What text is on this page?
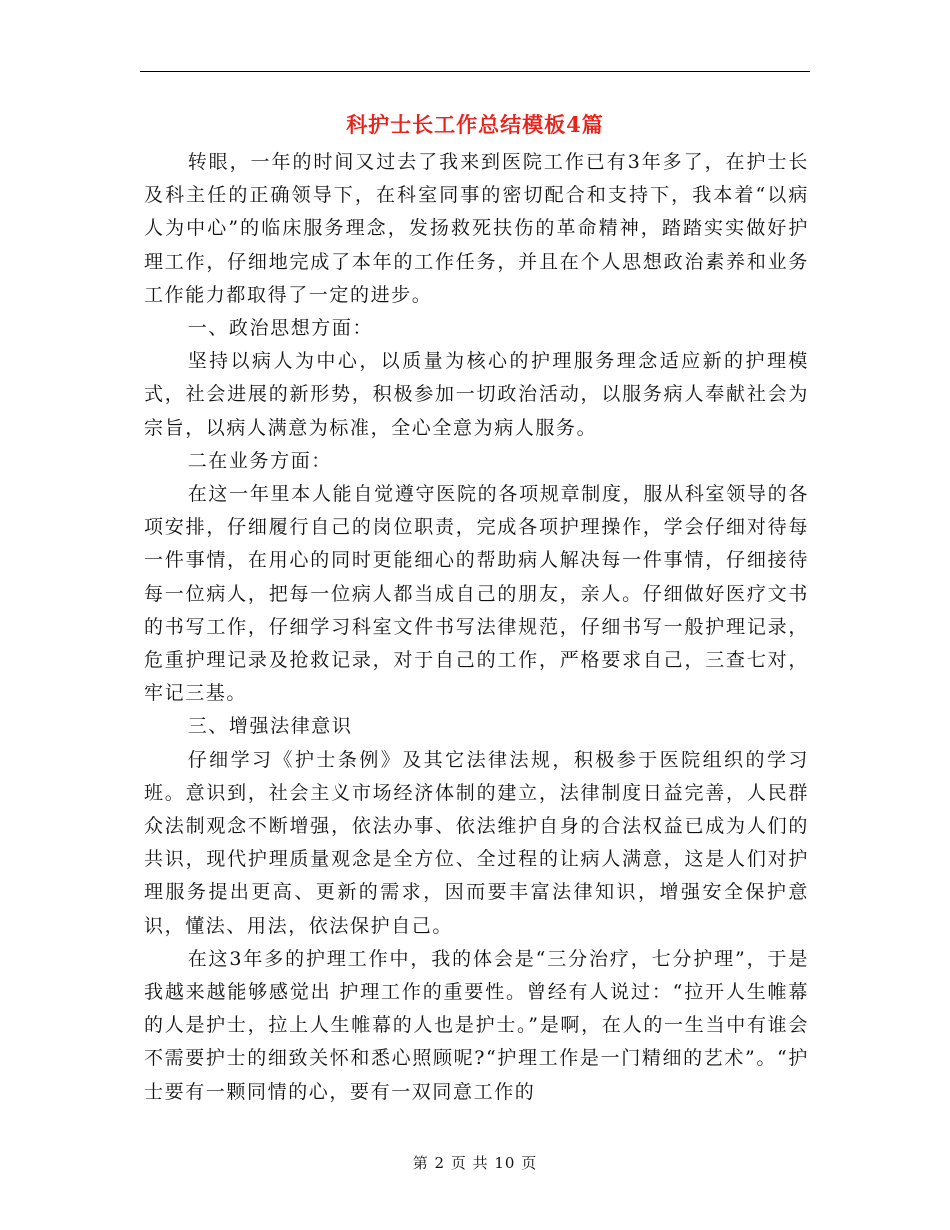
科护士长工作总结模板4篇

转眼，一年的时间又过去了我来到医院工作已有3年多了，在护士长及科主任的正确领导下，在科室同事的密切配合和支持下，我本着“以病人为中心”的临床服务理念，发扬救死扶伤的革命精神，踏踏实实做好护理工作，仔细地完成了本年的工作任务，并且在个人思想政治素养和业务工作能力都取得了一定的进步。

一、政治思想方面：

坚持以病人为中心，以质量为核心的护理服务理念适应新的护理模式，社会进展的新形势，积极参加一切政治活动，以服务病人奉献社会为宗旨，以病人满意为标准，全心全意为病人服务。

二在业务方面：

在这一年里本人能自觉遵守医院的各项规章制度，服从科室领导的各项安排，仔细履行自己的岗位职责，完成各项护理操作，学会仔细对待每一件事情，在用心的同时更能细心的帮助病人解决每一件事情，仔细接待每一位病人，把每一位病人都当成自己的朋友，亲人。仔细做好医疗文书的书写工作，仔细学习科室文件书写法律规范，仔细书写一般护理记录，危重护理记录及抢救记录，对于自己的工作，严格要求自己，三查七对，牢记三基。

三、增强法律意识

仔细学习《护士条例》及其它法律法规，积极参于医院组织的学习班。意识到，社会主义市场经济体制的建立，法律制度日益完善，人民群众法制观念不断增强，依法办事、依法维护自身的合法权益已成为人们的共识，现代护理质量观念是全方位、全过程的让病人满意，这是人们对护理服务提出更高、更新的需求，因而要丰富法律知识，增强安全保护意识，懂法、用法，依法保护自己。

在这3年多的护理工作中，我的体会是“三分治疗，七分护理”，于是我越来越能够感觉出 护理工作的重要性。曾经有人说过：“拉开人生帷幕的人是护士，拉上人生帷幕的人也是护士。”是啊，在人的一生当中有谁会不需要护士的细致关怀和悉心照顾呢?“护理工作是一门精细的艺术”。“护士要有一颗同情的心，要有一双同意工作的

第 2 页 共 10 页
